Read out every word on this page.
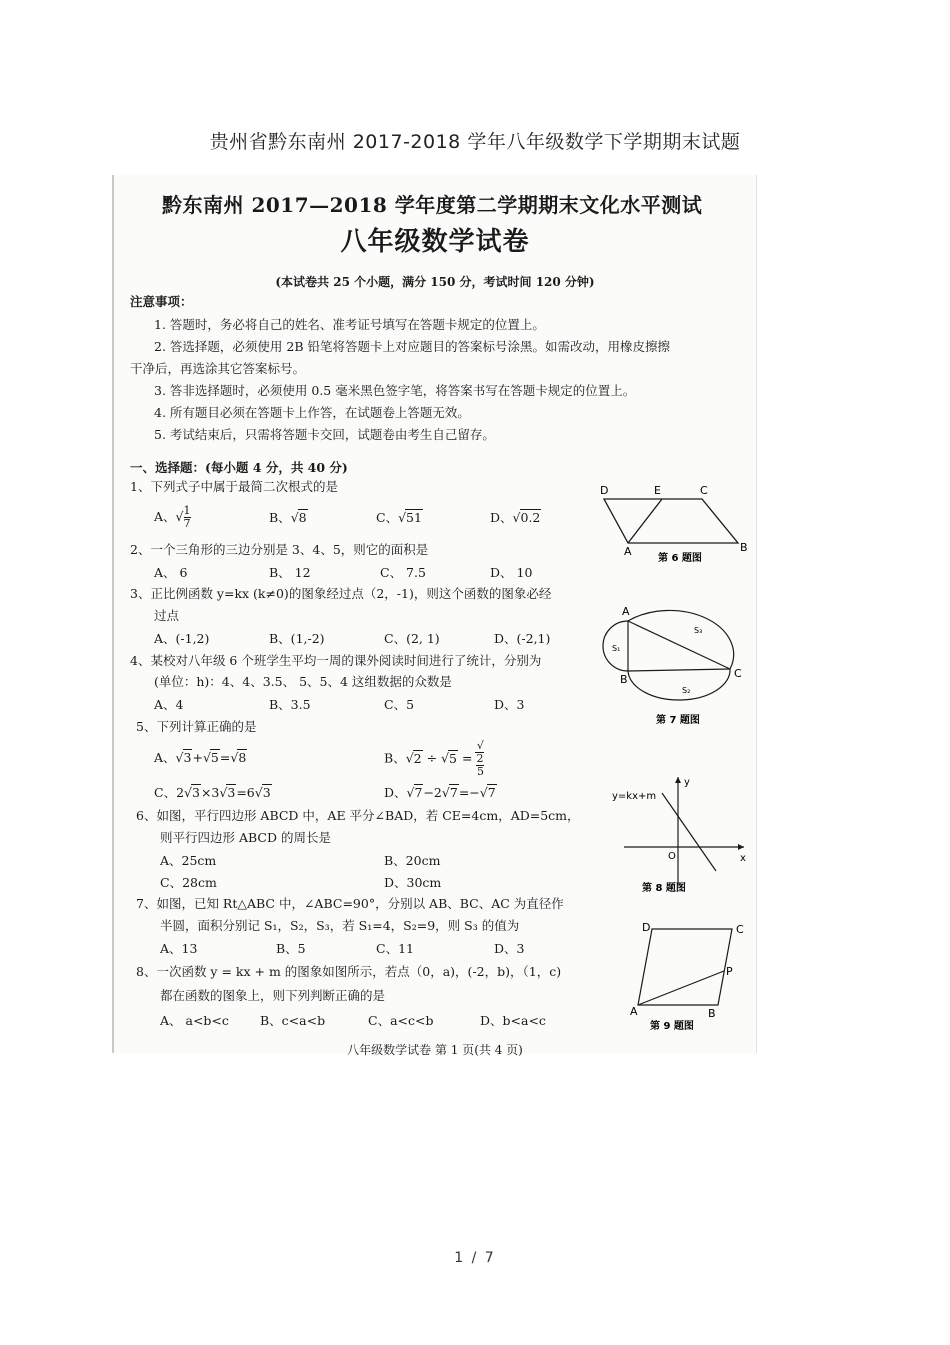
贵州省黔东南州 2017-2018 学年八年级数学下学期期末试题
黔东南州 2017—2018 学年度第二学期期末文化水平测试
八年级数学试卷
(本试卷共 25 个小题，满分 150 分，考试时间 120 分钟)
注意事项：
1. 答题时，务必将自己的姓名、准考证号填写在答题卡规定的位置上。
2. 答选择题，必须使用 2B 铅笔将答题卡上对应题目的答案标号涂黑。如需改动，用橡皮擦擦
干净后，再选涂其它答案标号。
3. 答非选择题时，必须使用 0.5 毫米黑色签字笔，将答案书写在答题卡规定的位置上。
4. 所有题目必须在答题卡上作答，在试题卷上答题无效。
5. 考试结束后，只需将答题卡交回，试题卷由考生自己留存。
一、选择题：(每小题 4 分，共 40 分)
1、下列式子中属于最简二次根式的是
A、√ $\frac{1}{7}$	B、√8	C、√51	D、√0.2
2、一个三角形的三边分别是 3、4、5，则它的面积是
A、 6	B、 12	C、 7.5	D、 10
3、正比例函数 y=kx (k≠0)的图象经过点（2，-1)，则这个函数的图象必经
过点
A、(-1,2)	B、(1,-2)	C、(2, 1)	D、(-2,1)
4、某校对八年级 6 个班学生平均一周的课外阅读时间进行了统计，分别为
(单位：h)：4、4、3.5、 5、5、4 这组数据的众数是
A、4	B、3.5	C、5	D、3
5、下列计算正确的是
A、√3+√5=√8	B、√2 ÷ √5 = √
2
5
C、2√3×3√3=6√3	D、√7−2√7=−√7
6、如图，平行四边形 ABCD 中，AE 平分∠BAD，若 CE=4cm，AD=5cm，
则平行四边形 ABCD 的周长是
A、25cm	B、20cm
C、28cm	D、30cm
7、如图，已知 Rt△ABC 中，∠ABC=90°，分别以 AB、BC、AC 为直径作
半圆，面积分别记 S₁，S₂，S₃，若 S₁=4，S₂=9，则 S₃ 的值为
A、13	B、5	C、11	D、3
8、一次函数 y = kx + m 的图象如图所示，若点（0，a)，(-2，b)，（1，c)
都在函数的图象上，则下列判断正确的是
A、 a<b<c B、c<a<b	C、a<c<b	D、b<a<c
D	E	C
A	B
第 6 题图
A
B	C
S₁
S₂
S₃
第 7 题图
y=kx+m
y
x
O
第 8 题图
D	C
P
A	B
第 9 题图
八年级数学试卷 第 1 页(共 4 页)
1 / 7
